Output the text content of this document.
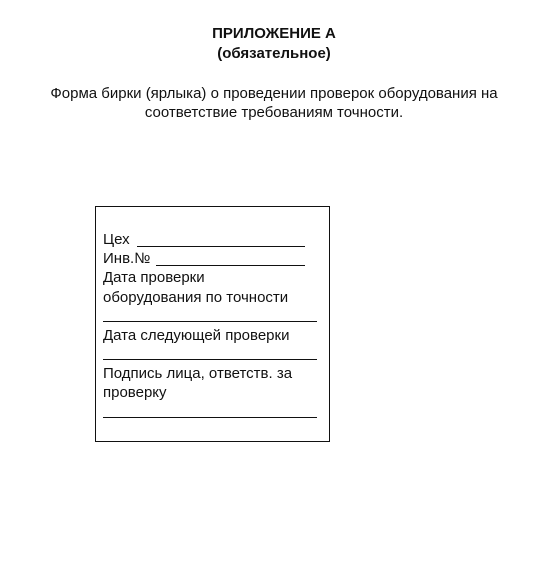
ПРИЛОЖЕНИЕ А
(обязательное)
Форма бирки (ярлыка) о проведении проверок оборудования на
соответствие требованиям точности.
Цех
Инв.№
Дата проверки
оборудования по точности
Дата следующей проверки
Подпись лица, ответств. за
проверку
